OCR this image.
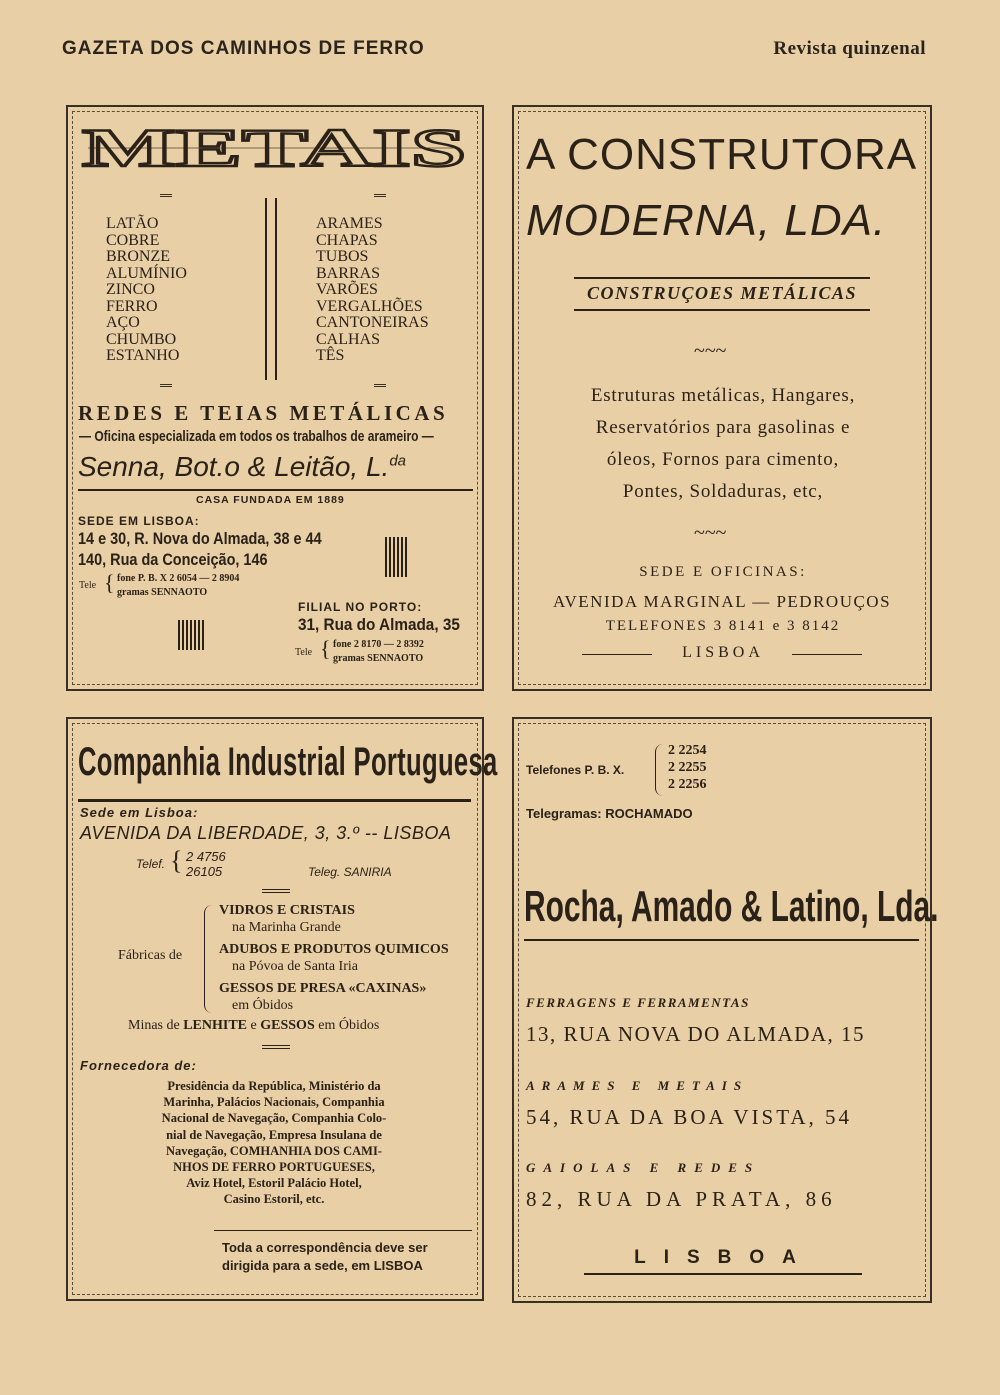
GAZETA DOS CAMINHOS DE FERRO	Revista quinzenal
METAIS
LATÃO
COBRE
BRONZE
ALUMÍNIO
ZINCO
FERRO
AÇO
CHUMBO
ESTANHO
ARAMES
CHAPAS
TUBOS
BARRAS
VARÕES
VERGALHÕES
CANTONEIRAS
CALHAS
TÊS
REDES E TEIAS METÁLICAS
— Oficina especializada em todos os trabalhos de arameiro —
Senna, Bot.o & Leitão, L.$^{da}$
CASA FUNDADA EM 1889
SEDE EM LISBOA:
14 e 30, R. Nova do Almada, 38 e 44
140, Rua da Conceição, 146
Tele { fone P. B. X 2 6054 — 2 8904
gramas SENNAOTO
FILIAL NO PORTO:
31, Rua do Almada, 35
Tele { fone 2 8170 — 2 8392
gramas SENNAOTO
A CONSTRUTORA
MODERNA, LDA.
CONSTRUÇOES METÁLICAS
~~~
Estruturas metálicas, Hangares,
Reservatórios para gasolinas e
óleos, Fornos para cimento,
Pontes, Soldaduras, etc,
~~~
SEDE E OFICINAS:
AVENIDA MARGINAL — PEDROUÇOS
TELEFONES 3 8141 e 3 8142
LISBOA
Companhia Industrial Portuguesa
Sede em Lisboa:
AVENIDA DA LIBERDADE, 3, 3.º -- LISBOA
Telef. { 2 4756
26105	Teleg. SANIRIA
Fábricas de
VIDROS E CRISTAIS
na Marinha Grande
ADUBOS E PRODUTOS QUIMICOS
na Póvoa de Santa Iria
GESSOS DE PRESA «CAXINAS»
em Óbidos
Minas de LENHITE e GESSOS em Óbidos
Fornecedora de:
Presidência da República, Ministério da
Marinha, Palácios Nacionais, Companhia
Nacional de Navegação, Companhia Colo-
nial de Navegação, Empresa Insulana de
Navegação, COMHANHIA DOS CAMI-
NHOS DE FERRO PORTUGUESES,
Aviz Hotel, Estoril Palácio Hotel,
Casino Estoril, etc.
Toda a correspondência deve ser
dirigida para a sede, em LISBOA
Telefones P. B. X.
2 2254
2 2255
2 2256
Telegramas: ROCHAMADO
Rocha, Amado & Latino, Lda.
FERRAGENS E FERRAMENTAS
13, RUA NOVA DO ALMADA, 15
ARAMES E METAIS
54, RUA DA BOA VISTA, 54
GAIOLAS E REDES
82, RUA DA PRATA, 86
LISBOA
